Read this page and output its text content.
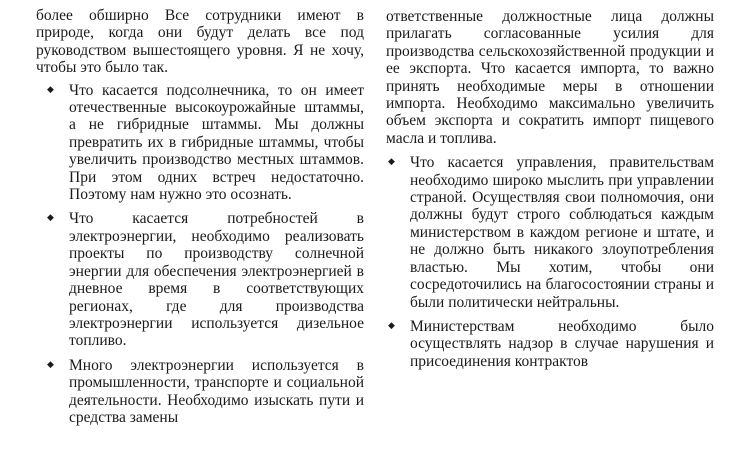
более обширно Все сотрудники имеют в природе, когда они будут делать все под руководством вышестоящего уровня. Я не хочу, чтобы это было так.
◆ Что касается подсолнечника, то он имеет отечественные высокоурожайные штаммы, а не гибридные штаммы. Мы должны превратить их в гибридные штаммы, чтобы увеличить производство местных штаммов. При этом одних встреч недостаточно. Поэтому нам нужно это осознать.
◆ Что касается потребностей в электроэнергии, необходимо реализовать проекты по производству солнечной энергии для обеспечения электроэнергией в дневное время в соответствующих регионах, где для производства электроэнергии используется дизельное топливо.
◆ Много электроэнергии используется в промышленности, транспорте и социальной деятельности. Необходимо изыскать пути и средства замены
ответственные должностные лица должны прилагать согласованные усилия для производства сельскохозяйственной продукции и ее экспорта. Что касается импорта, то важно принять необходимые меры в отношении импорта. Необходимо максимально увеличить объем экспорта и сократить импорт пищевого масла и топлива.
◆ Что касается управления, правительствам необходимо широко мыслить при управлении страной. Осуществляя свои полномочия, они должны будут строго соблюдаться каждым министерством в каждом регионе и штате, и не должно быть никакого злоупотребления властью. Мы хотим, чтобы они сосредоточились на благосостоянии страны и были политически нейтральны.
◆ Министерствам необходимо было осуществлять надзор в случае нарушения и присоединения контрактов
